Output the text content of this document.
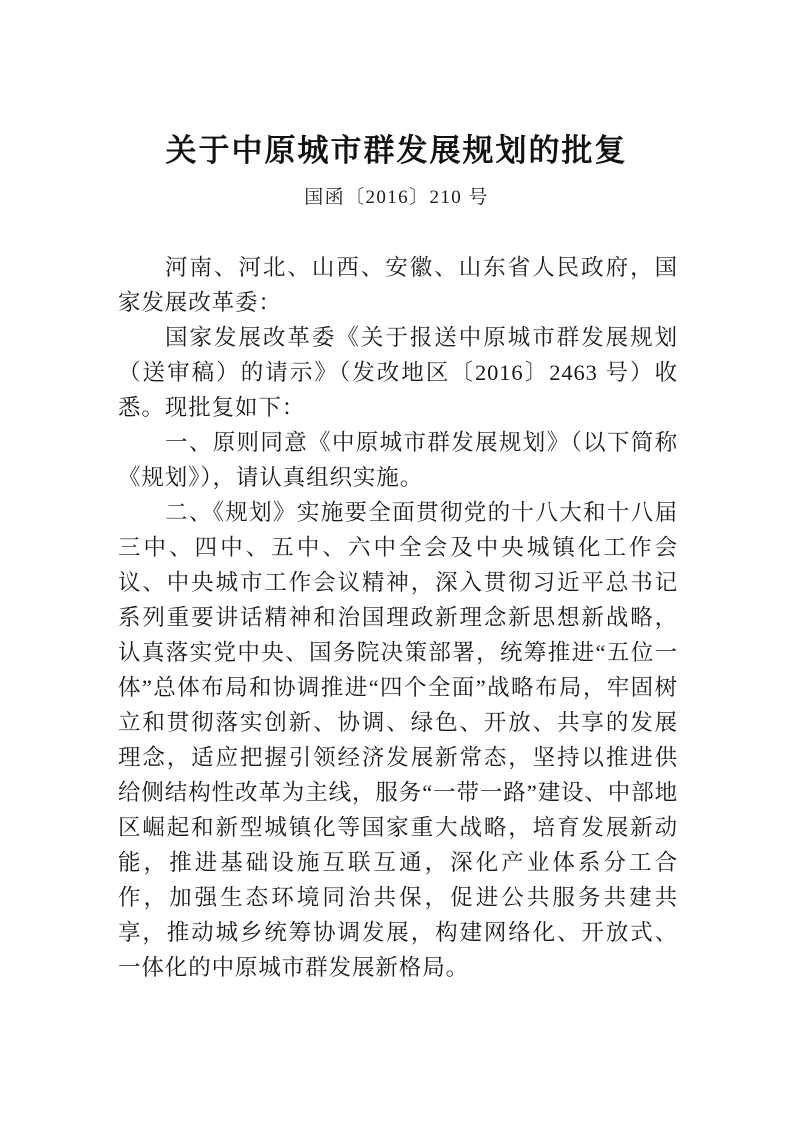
关于中原城市群发展规划的批复
国函〔2016〕210 号

河南、河北、山西、安徽、山东省人民政府，国家发展改革委：

国家发展改革委《关于报送中原城市群发展规划（送审稿）的请示》（发改地区〔2016〕2463 号）收悉。现批复如下：

一、原则同意《中原城市群发展规划》（以下简称《规划》），请认真组织实施。

二、《规划》实施要全面贯彻党的十八大和十八届三中、四中、五中、六中全会及中央城镇化工作会议、中央城市工作会议精神，深入贯彻习近平总书记系列重要讲话精神和治国理政新理念新思想新战略，认真落实党中央、国务院决策部署，统筹推进“五位一体”总体布局和协调推进“四个全面”战略布局，牢固树立和贯彻落实创新、协调、绿色、开放、共享的发展理念，适应把握引领经济发展新常态，坚持以推进供给侧结构性改革为主线，服务“一带一路”建设、中部地区崛起和新型城镇化等国家重大战略，培育发展新动能，推进基础设施互联互通，深化产业体系分工合作，加强生态环境同治共保，促进公共服务共建共享，推动城乡统筹协调发展，构建网络化、开放式、一体化的中原城市群发展新格局。
